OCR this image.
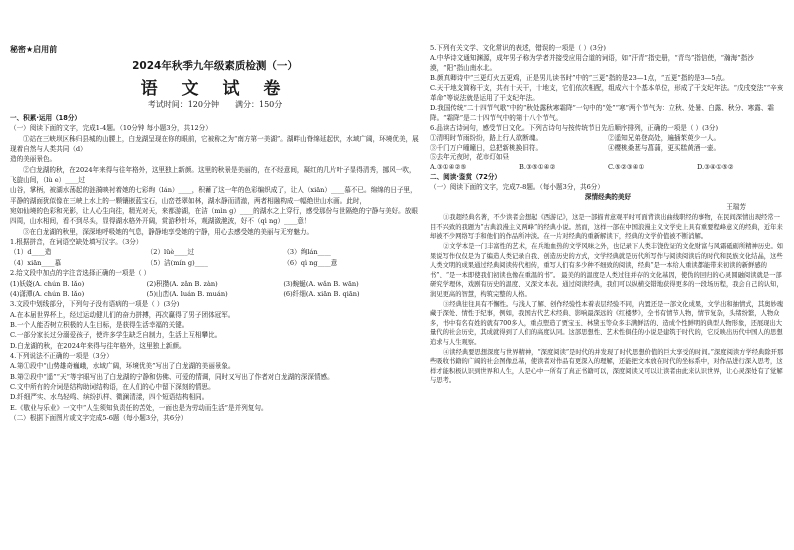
秘密★启用前
2024年秋季九年级素质检测（一）
语 文 试 卷
考试时间：120分钟 满分：150分

一、积累·运用（18分）

（一）阅读下面的文字，完成1-4题。（10分钟 每小题3分，共12分）

①站在三峡坝区秭归县城的山腰上，白龙湖呈现在你的眼前，它被称之为“南方第一美湖”。湖畔山脊绵延起伏，水域广阔，环境优美，展现着自然与人类共同（d）

造的美丽景色。

②白龙湖的秋，在2024年来得与往年格外，这里独上新颜。这里的秋景是美丽的，在不经意间，凝红的几片叶子显得清秀，挪风一吹，飞旋山间，（lù e）____过

山谷，掌柄，被湖水荡起的涟漪映衬着她的七彩绚（lán）____，积蓄了这一年的色彩编织成了，让人（xiān）____慕不已。绵绵的日子里，平静的湖面犹似像在三峡上水上的一颗镶嵌蓝宝石，山峦苍翠如林，湖水静而清澈，两者相融构成一幅绝世山水画。此时，

宛如仙境的色彩和光影，让人心生向往，精光对天，来都游湖，在洁（mìn g）____的湖水之上穿行，感受那份与世隔绝的宁静与美好。放眼四周，山水相间，看不到尽头，显得湖水格外开阔，赏游秒针坏，观湖潋滟波，好不（qì ng）____意！

③在白龙湖的秋里，深深地呼吸她的气息，静静地享受她的宁静，用心去感受她的美丽与无穷魅力。

1.根据拼音，在词语空缺处填写汉字。（3分）

（1）d____造	（2）lüè____过	（3）绚lán____
（4）xiān____慕	（5）洁(mín g)____	（6）qì ng____意

2.给文段中加点的字注音选择正确的一项是（ ）

(1)妖娆(A. chún B. lǎo)	(2)积攒(A. zǎn B. zàn)	(3)蜿蜒(A. wǎn B. wān)
(4)潇潭(A. chún B. lǎo)	(5)山峦(A. luán B. muán)	(6)纤细(A. xiān B. qiān)

3.文段中划线部分，下列句子没有语病的一项是（ ）(3分)

A.在本届世界杯上，经过运动健儿们的奋力拼搏，再次赢得了男子团体冠军。

B.一个人能否树立积极的人生目标，是获得生活幸福的关键。

C.一部分家长过分溺爱孩子，使许多学生缺乏自制力，生活上互相攀比。

D.白龙湖的秋，在2024年来得与往年格外，这里独上新颜。

4.下列说法不正确的一项是（3分）

A.第①段中“山势雄奇巍峨，水域广阔，环境优美”写出了白龙湖的美丽景象。

B.第②段中“遥”“天”等字眼写出了白龙湖的宁静和仿佛、可爱的情调，同时又写出了作者对白龙湖的深深情感。

C.文中所有的介词是结构助词结构语，在人们的心中留下深刻的情思。

D.纤细严实、水鸟轻鸣、缤纷扒样、微澜清漾，四个短语结构相同。

E.《敬业与乐业》一文中“人生须知负责任的苦处，一面也是为劳动而生活”是并列复句。

（二）根据下面图片或文字完成5-6题（每小题3分，共6分）

5.下列有关文学、文化常识的表述，错误的一项是（ ）(3分)

A.中华诗文通知渊源，成年男子称为学者并接受应用合道的词语，如“汗青”指史册，“青鸟”指信使，“瀚海”指沙漠，“阳”指山南水北。

B.颜真卿诗中“三更灯火五更鸡，正是男儿读书时”中的“三更”指的是23—1点，“五更”指的是3—5点。

C.天干地支简称干支，共有十天干，十地支，它们依次相配，组成六十个基本单位，形成了干支纪年法。“戊戌变法”“辛亥革命”等说法就是运用了干支纪年法。

D.我国传统“二十四节气歌”中的“秋处露秋寒霜降”一句中的“处”“寒”两个节气为：立秋、处暑、白露、秋分、寒露、霜降。“霜降”是二十四节气中的第十八个节气。

6.品读古诗词句，感受节日文化。下列古诗句与按传统节日先后顺序排列，正确的一项是（ ）(3分)

①清明时节雨纷纷，路上行人欲断魂。	②遥知兄弟登高处，遍插茱萸少一人。
③千门万户曈曈日，总把新桃换旧符。	④樱桃桑葚与菖蒲，更买糕黄酒一壶。

⑤去年元夜时，花市灯如昼

A.③①④②⑤	B.③⑤①④②	C.⑤②③④①	D.③④①⑤②

二、阅读·鉴赏（72分）

（一）阅读下面的文字，完成7-8题。（每小题3分，共6分）

深情经典的美好

王瑞芳

①我超经典名著，不少读者会想起《西游记》，这是一部描青意观平时可面背读出曲线职经的事物，在民间深情出现经常一目不兴致的我题为“古典浪漫主义两峰”的经典小说。然而，这样一部在中国浪漫主义文学史上具有重要程峰意义的经典，近年来却被不少网络写手和他们的作品所冲淡。在一片对经典的重新解读下，经典的文学价值被不断消解。

②文学本是一门丰富性的艺术，在兵地血热的文学风味之外，也记录下人类丰饶佐证的文化财富与风霜砥砺所精神历史。如果说写作仅仅是为了编造人类记录自我、创造历史的方式，文学经典就是历代所写作与阅读阅读后的时代和民族文化结晶，这些人类文明的成果通过经典阅读传代相传，重写人们有多少种不细致的阅读，经典“是一本给人重读都能带来初读的新鲜感的书”、“是一本即使我们初读也像在重温的书”。 最美的的温度是人类过往并存的文化基因，使伪的回归的心灵圆融阅读就是一部研究学理休，戏剧有历史的温度、又深文本表。通过阅读经典，我们可以纵横交错地获得更多的一段场历程，我会自己的认知，润见更高的智慧，构筑完整的人格。

③经典往往具有不懈性。与浅人了解、创作经验性本着表层经验不同，内置还是一部文化成果，文学出和抽情式，其奥妙瑰藏于深处、情性于纪事，例如，我国古代艺术经典、影响最深远的《红楼梦》，全书有情节人物，情节复杂，头绪纷繁，人物众多，书中有名有姓的就有700多人，重点塑造了贾宝玉、林黛玉等众多丰满鲜活的、造成个性鲜明的典型人物形象，还展现出大量代的社会历史，其成就得到了人们的高度认同。这部思想性、艺术性俱佳的小说是建筑于时代的，它反映出历代中国人的思想追求与人生观察。

④读经典要思想深度与世界精神，“深度阅读”是时代的并发现了时代思想价值的巨大享受的时间。”深度阅读方学经典除开那些吸收书籍的广阔的社会图像总基，使读者对作品有更深入的理解，还能把文本放在时代的坐标系中，对作品进行深入思考，这样才能积极认识到世界和人生，人是心中一所有了真正书籍可以，深度阅读又可以让读者由此来认识世界，让心灵深处有了觉解与思考。
